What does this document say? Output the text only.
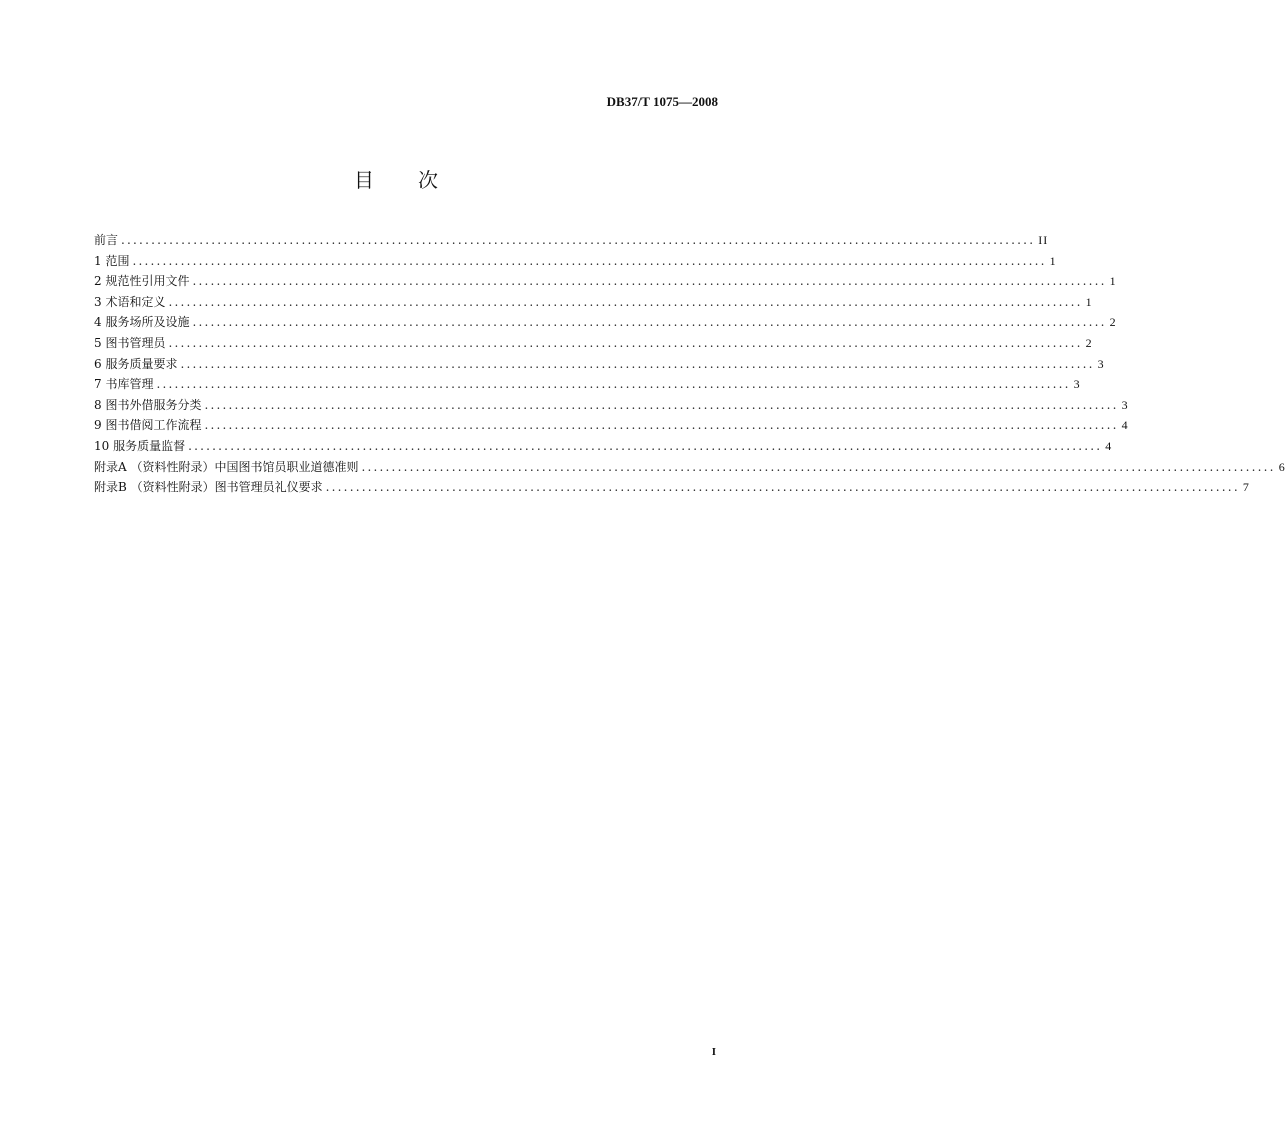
DB37/T 1075—2008
目次
前言 ........................................................................................................................................................ II
1 范围 ........................................................................................................................................................ 1
2 规范性引用文件 ........................................................................................................................................................ 1
3 术语和定义 ........................................................................................................................................................ 1
4 服务场所及设施 ........................................................................................................................................................ 2
5 图书管理员 ........................................................................................................................................................ 2
6 服务质量要求 ........................................................................................................................................................ 3
7 书库管理 ........................................................................................................................................................ 3
8 图书外借服务分类 ........................................................................................................................................................ 3
9 图书借阅工作流程 ........................................................................................................................................................ 4
10 服务质量监督 ........................................................................................................................................................ 4
附录A （资料性附录）中国图书馆员职业道德准则 ........................................................................................................................................................ 6
附录B （资料性附录）图书管理员礼仪要求 ........................................................................................................................................................ 7
I
